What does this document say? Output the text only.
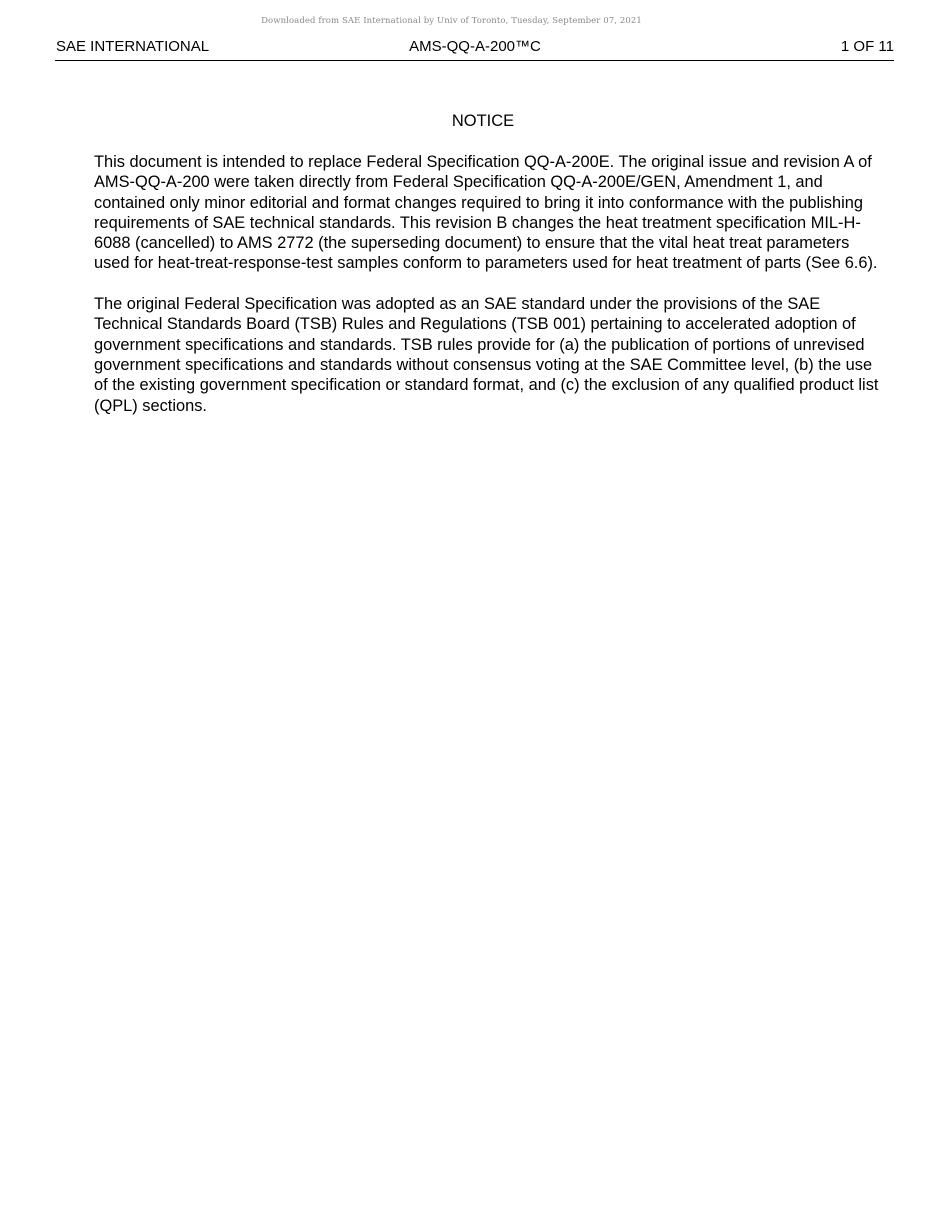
Downloaded from SAE International by Univ of Toronto, Tuesday, September 07, 2021
SAE INTERNATIONAL	AMS-QQ-A-200™C	1 OF 11
NOTICE

This document is intended to replace Federal Specification QQ-A-200E. The original issue and revision A of AMS-QQ-A-200 were taken directly from Federal Specification QQ-A-200E/GEN, Amendment 1, and contained only minor editorial and format changes required to bring it into conformance with the publishing requirements of SAE technical standards. This revision B changes the heat treatment specification MIL-H-6088 (cancelled) to AMS 2772 (the superseding document) to ensure that the vital heat treat parameters used for heat-treat-response-test samples conform to parameters used for heat treatment of parts (See 6.6).

The original Federal Specification was adopted as an SAE standard under the provisions of the SAE Technical Standards Board (TSB) Rules and Regulations (TSB 001) pertaining to accelerated adoption of government specifications and standards. TSB rules provide for (a) the publication of portions of unrevised government specifications and standards without consensus voting at the SAE Committee level, (b) the use of the existing government specification or standard format, and (c) the exclusion of any qualified product list (QPL) sections.
